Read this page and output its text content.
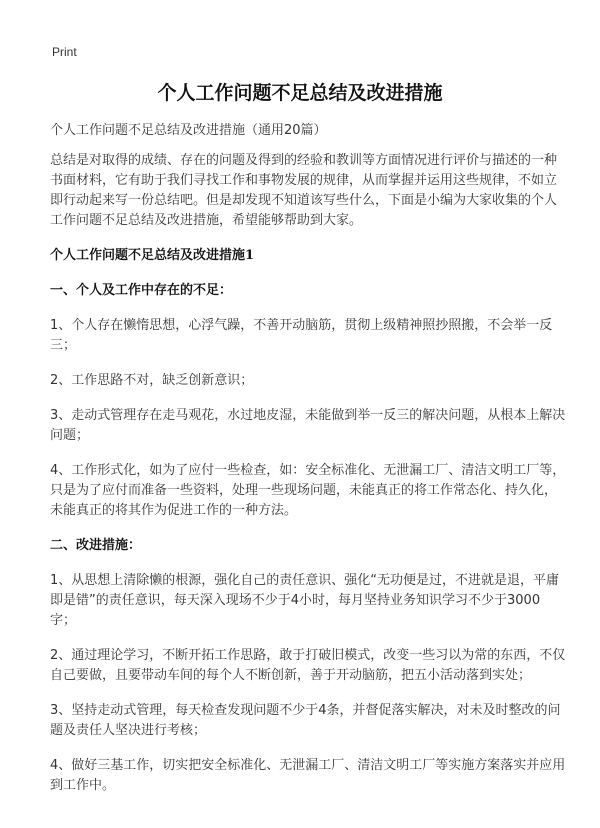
Print
个人工作问题不足总结及改进措施
个人工作问题不足总结及改进措施（通用20篇）
总结是对取得的成绩、存在的问题及得到的经验和教训等方面情况进行评价与描述的一种书面材料，它有助于我们寻找工作和事物发展的规律，从而掌握并运用这些规律，不如立即行动起来写一份总结吧。但是却发现不知道该写些什么，下面是小编为大家收集的个人工作问题不足总结及改进措施，希望能够帮助到大家。
个人工作问题不足总结及改进措施1
一、个人及工作中存在的不足：
1、个人存在懒惰思想，心浮气躁，不善开动脑筋，贯彻上级精神照抄照搬，不会举一反三；
2、工作思路不对，缺乏创新意识；
3、走动式管理存在走马观花，水过地皮湿，未能做到举一反三的解决问题，从根本上解决问题；
4、工作形式化，如为了应付一些检查，如：安全标准化、无泄漏工厂、清洁文明工厂等，只是为了应付而准备一些资料，处理一些现场问题，未能真正的将工作常态化、持久化，未能真正的将其作为促进工作的一种方法。
二、改进措施：
1、从思想上清除懒的根源，强化自己的责任意识、强化“无功便是过，不进就是退，平庸即是错”的责任意识，每天深入现场不少于4小时，每月坚持业务知识学习不少于3000字；
2、通过理论学习，不断开拓工作思路，敢于打破旧模式，改变一些习以为常的东西，不仅自己要做，且要带动车间的每个人不断创新，善于开动脑筋，把五小活动落到实处；
3、坚持走动式管理，每天检查发现问题不少于4条，并督促落实解决，对未及时整改的问题及责任人坚决进行考核；
4、做好三基工作，切实把安全标准化、无泄漏工厂、清洁文明工厂等实施方案落实并应用到工作中。
